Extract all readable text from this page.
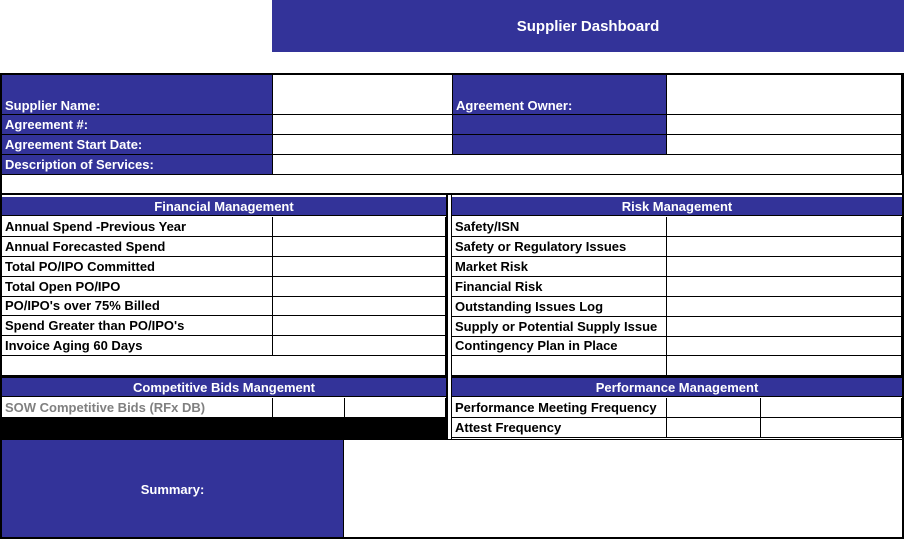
Supplier Dashboard
Supplier Name:	Agreement Owner:
Agreement #:
Agreement Start Date:
Description of Services:
Financial Management	Risk Management
Competitive Bids Mangement
SOW Competitive Bids (RFx DB)
Performance Management
Summary:
Annual Spend -Previous Year
Annual Forecasted Spend
Total PO/IPO Committed
Total Open PO/IPO
PO/IPO's over 75% Billed
Spend Greater than PO/IPO's
Invoice Aging 60 Days
Safety/ISN
Safety or Regulatory Issues
Market Risk
Financial Risk
Outstanding Issues Log
Supply or Potential Supply Issue
Contingency Plan in Place
Performance Meeting Frequency
Attest Frequency
